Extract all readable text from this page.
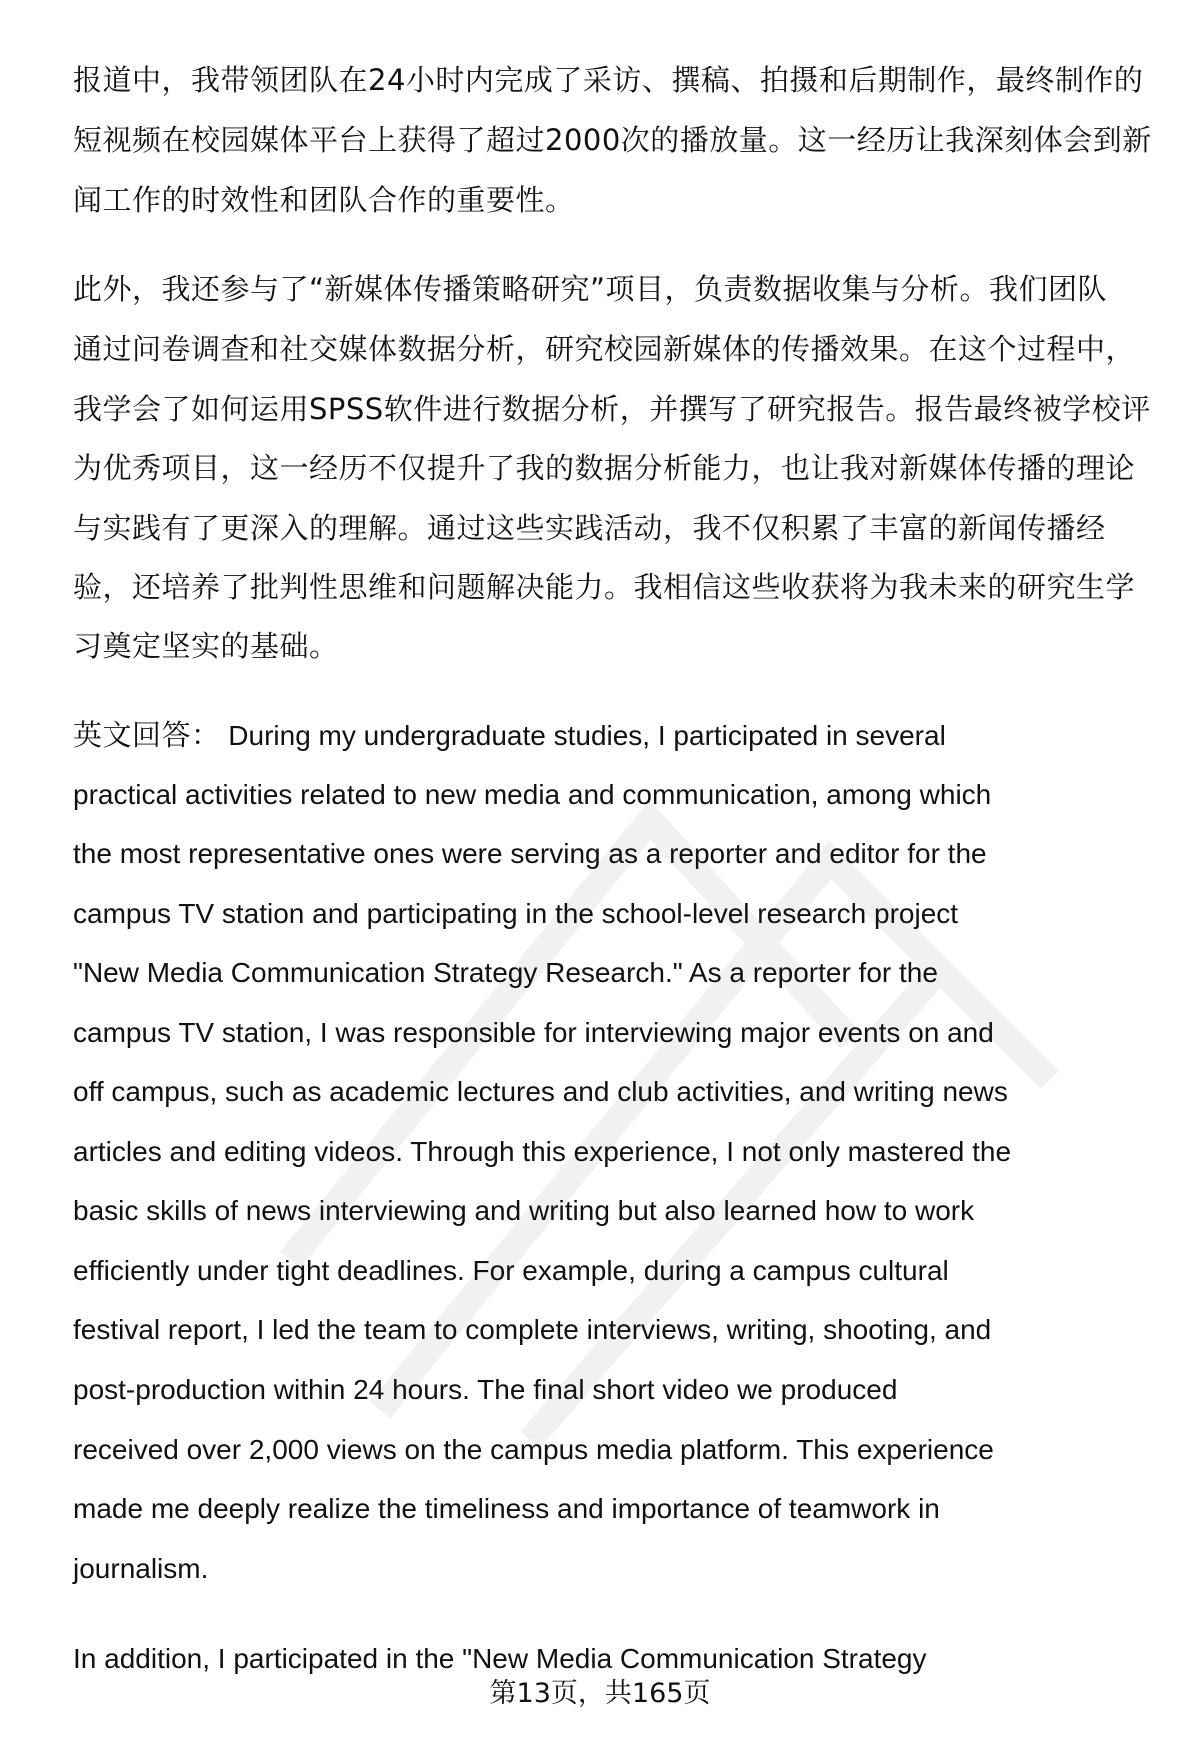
报道中，我带领团队在24小时内完成了采访、撰稿、拍摄和后期制作，最终制作的
短视频在校园媒体平台上获得了超过2000次的播放量。这一经历让我深刻体会到新
闻工作的时效性和团队合作的重要性。
此外，我还参与了“新媒体传播策略研究”项目，负责数据收集与分析。我们团队
通过问卷调查和社交媒体数据分析，研究校园新媒体的传播效果。在这个过程中，
我学会了如何运用SPSS软件进行数据分析，并撰写了研究报告。报告最终被学校评
为优秀项目，这一经历不仅提升了我的数据分析能力，也让我对新媒体传播的理论
与实践有了更深入的理解。通过这些实践活动，我不仅积累了丰富的新闻传播经
验，还培养了批判性思维和问题解决能力。我相信这些收获将为我未来的研究生学
习奠定坚实的基础。
英文回答： During my undergraduate studies, I participated in several
practical activities related to new media and communication, among which
the most representative ones were serving as a reporter and editor for the
campus TV station and participating in the school-level research project
"New Media Communication Strategy Research." As a reporter for the
campus TV station, I was responsible for interviewing major events on and
off campus, such as academic lectures and club activities, and writing news
articles and editing videos. Through this experience, I not only mastered the
basic skills of news interviewing and writing but also learned how to work
efficiently under tight deadlines. For example, during a campus cultural
festival report, I led the team to complete interviews, writing, shooting, and
post-production within 24 hours. The final short video we produced
received over 2,000 views on the campus media platform. This experience
made me deeply realize the timeliness and importance of teamwork in
journalism.
In addition, I participated in the "New Media Communication Strategy
第13页，共165页
